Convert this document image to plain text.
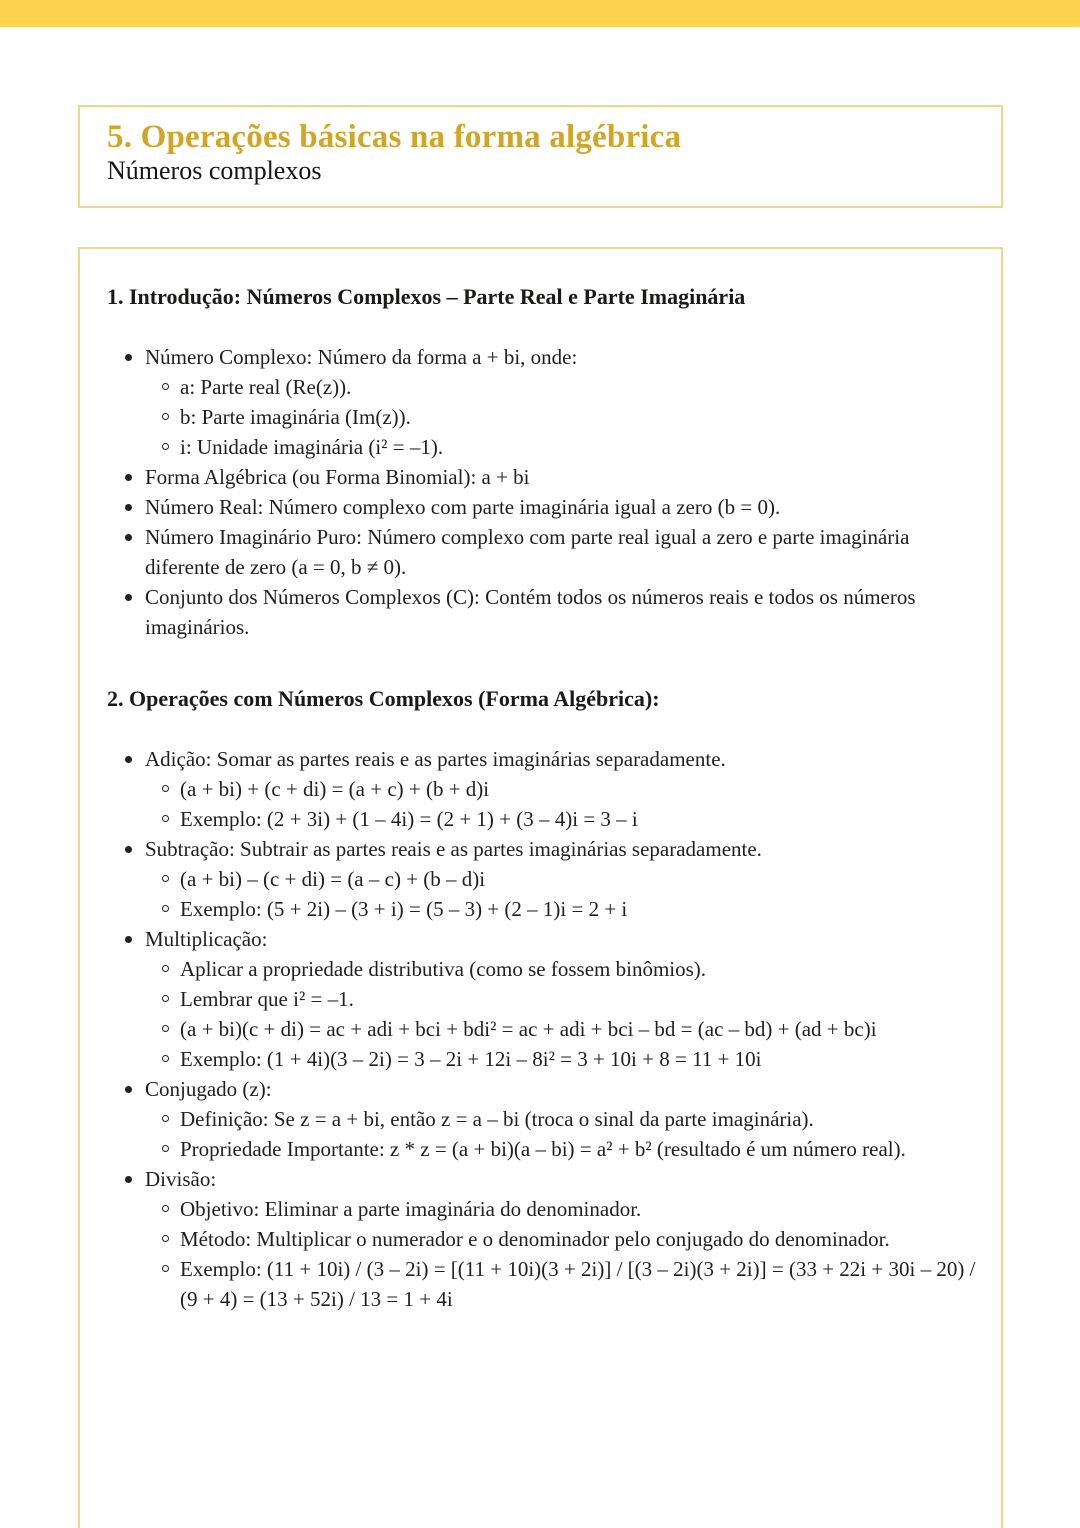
5. Operações básicas na forma algébrica
Números complexos
1. Introdução: Números Complexos – Parte Real e Parte Imaginária
Número Complexo: Número da forma a + bi, onde:
a: Parte real (Re(z)).
b: Parte imaginária (Im(z)).
i: Unidade imaginária (i² = –1).
Forma Algébrica (ou Forma Binomial): a + bi
Número Real: Número complexo com parte imaginária igual a zero (b = 0).
Número Imaginário Puro: Número complexo com parte real igual a zero e parte imaginária diferente de zero (a = 0, b ≠ 0).
Conjunto dos Números Complexos (C): Contém todos os números reais e todos os números imaginários.
2. Operações com Números Complexos (Forma Algébrica):
Adição: Somar as partes reais e as partes imaginárias separadamente.
(a + bi) + (c + di) = (a + c) + (b + d)i
Exemplo: (2 + 3i) + (1 – 4i) = (2 + 1) + (3 – 4)i = 3 – i
Subtração: Subtrair as partes reais e as partes imaginárias separadamente.
(a + bi) – (c + di) = (a – c) + (b – d)i
Exemplo: (5 + 2i) – (3 + i) = (5 – 3) + (2 – 1)i = 2 + i
Multiplicação:
Aplicar a propriedade distributiva (como se fossem binômios).
Lembrar que i² = –1.
(a + bi)(c + di) = ac + adi + bci + bdi² = ac + adi + bci – bd = (ac – bd) + (ad + bc)i
Exemplo: (1 + 4i)(3 – 2i) = 3 – 2i + 12i – 8i² = 3 + 10i + 8 = 11 + 10i
Conjugado (z):
Definição: Se z = a + bi, então z = a – bi (troca o sinal da parte imaginária).
Propriedade Importante: z * z = (a + bi)(a – bi) = a² + b² (resultado é um número real).
Divisão:
Objetivo: Eliminar a parte imaginária do denominador.
Método: Multiplicar o numerador e o denominador pelo conjugado do denominador.
Exemplo: (11 + 10i) / (3 – 2i) = [(11 + 10i)(3 + 2i)] / [(3 – 2i)(3 + 2i)] = (33 + 22i + 30i – 20) / (9 + 4) = (13 + 52i) / 13 = 1 + 4i
